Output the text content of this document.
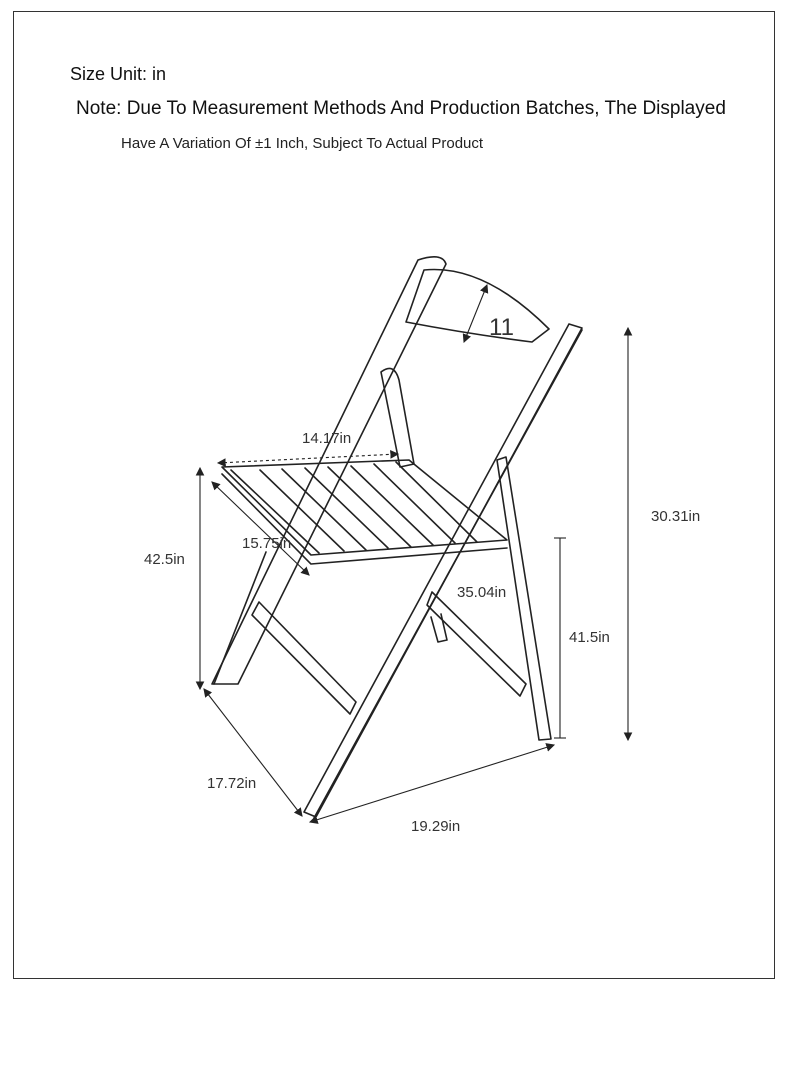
Size Unit: in
Note: Due To Measurement Methods And Production Batches, The Displayed
Have A Variation Of ±1 Inch, Subject To Actual Product
11
14.17in
15.75in
42.5in
35.04in
41.5in
30.31in
17.72in
19.29in
